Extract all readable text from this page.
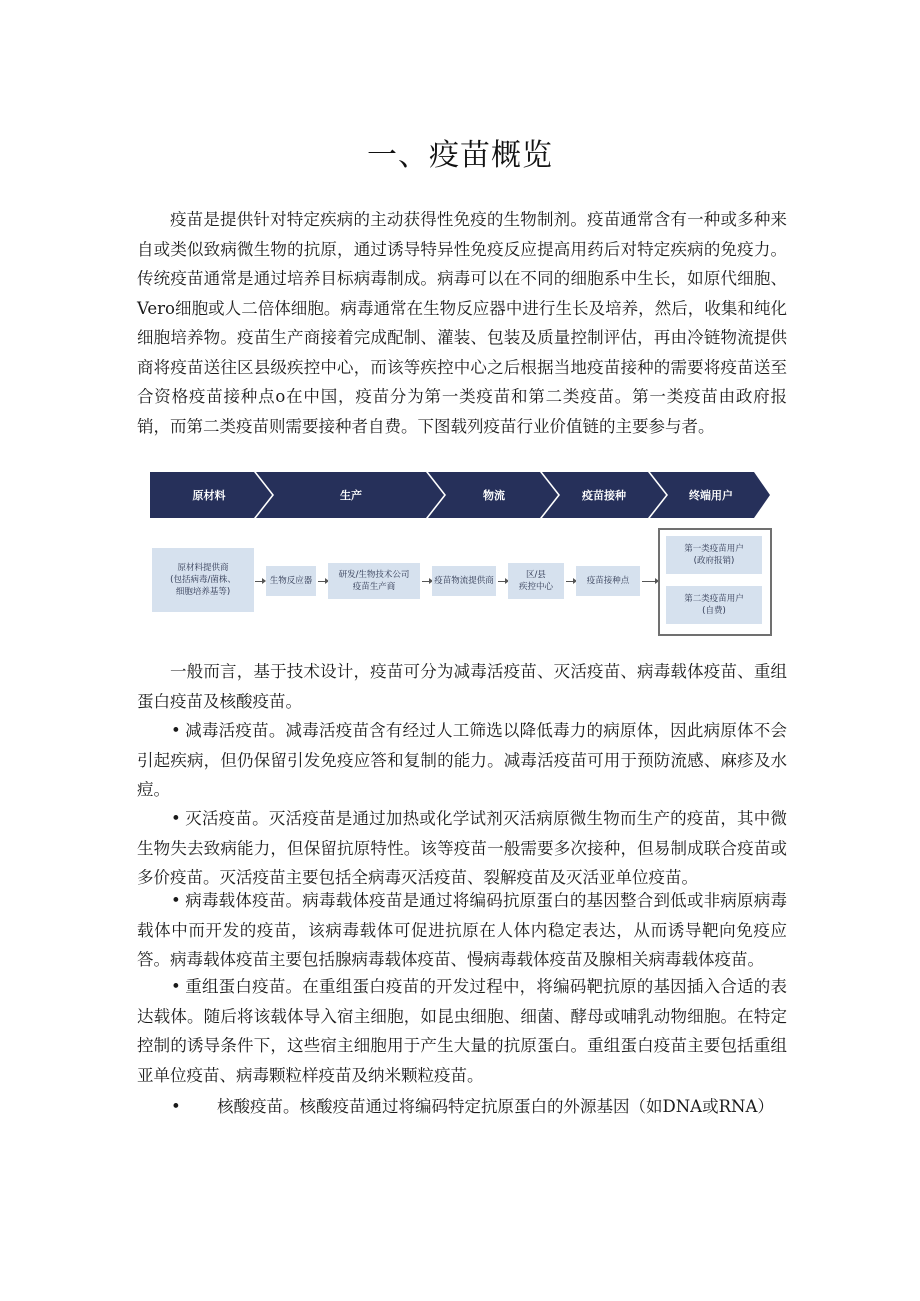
一、疫苗概览

疫苗是提供针对特定疾病的主动获得性免疫的生物制剂。疫苗通常含有一种或多种来自或类似致病微生物的抗原，通过诱导特异性免疫反应提高用药后对特定疾病的免疫力。传统疫苗通常是通过培养目标病毒制成。病毒可以在不同的细胞系中生长，如原代细胞、Vero细胞或人二倍体细胞。病毒通常在生物反应器中进行生长及培养，然后，收集和纯化细胞培养物。疫苗生产商接着完成配制、灌装、包装及质量控制评估，再由冷链物流提供商将疫苗送往区县级疾控中心，而该等疾控中心之后根据当地疫苗接种的需要将疫苗送至合资格疫苗接种点o在中国，疫苗分为第一类疫苗和第二类疫苗。第一类疫苗由政府报销，而第二类疫苗则需要接种者自费。下图载列疫苗行业价值链的主要参与者。

原材料	生产	物流	疫苗接种	终端用户
原材料提供商
(包括病毒/菌株、
细胞培养基等)
生物反应器
研发/生物技术公司
疫苗生产商
疫苗物流提供商
区/县
疾控中心
疫苗接种点
第一类疫苗用户
(政府报销)
第二类疫苗用户
(自费)

一般而言，基于技术设计，疫苗可分为减毒活疫苗、灭活疫苗、病毒载体疫苗、重组蛋白疫苗及核酸疫苗。

• 减毒活疫苗。减毒活疫苗含有经过人工筛选以降低毒力的病原体，因此病原体不会引起疾病，但仍保留引发免疫应答和复制的能力。减毒活疫苗可用于预防流感、麻疹及水痘。

• 灭活疫苗。灭活疫苗是通过加热或化学试剂灭活病原微生物而生产的疫苗，其中微生物失去致病能力，但保留抗原特性。该等疫苗一般需要多次接种，但易制成联合疫苗或多价疫苗。灭活疫苗主要包括全病毒灭活疫苗、裂解疫苗及灭活亚单位疫苗。

• 病毒载体疫苗。病毒载体疫苗是通过将编码抗原蛋白的基因整合到低或非病原病毒载体中而开发的疫苗，该病毒载体可促进抗原在人体内稳定表达，从而诱导靶向免疫应答。病毒载体疫苗主要包括腺病毒载体疫苗、慢病毒载体疫苗及腺相关病毒载体疫苗。

• 重组蛋白疫苗。在重组蛋白疫苗的开发过程中，将编码靶抗原的基因插入合适的表达载体。随后将该载体导入宿主细胞，如昆虫细胞、细菌、酵母或哺乳动物细胞。在特定控制的诱导条件下，这些宿主细胞用于产生大量的抗原蛋白。重组蛋白疫苗主要包括重组亚单位疫苗、病毒颗粒样疫苗及纳米颗粒疫苗。

• 核酸疫苗。核酸疫苗通过将编码特定抗原蛋白的外源基因（如DNA或RNA）
